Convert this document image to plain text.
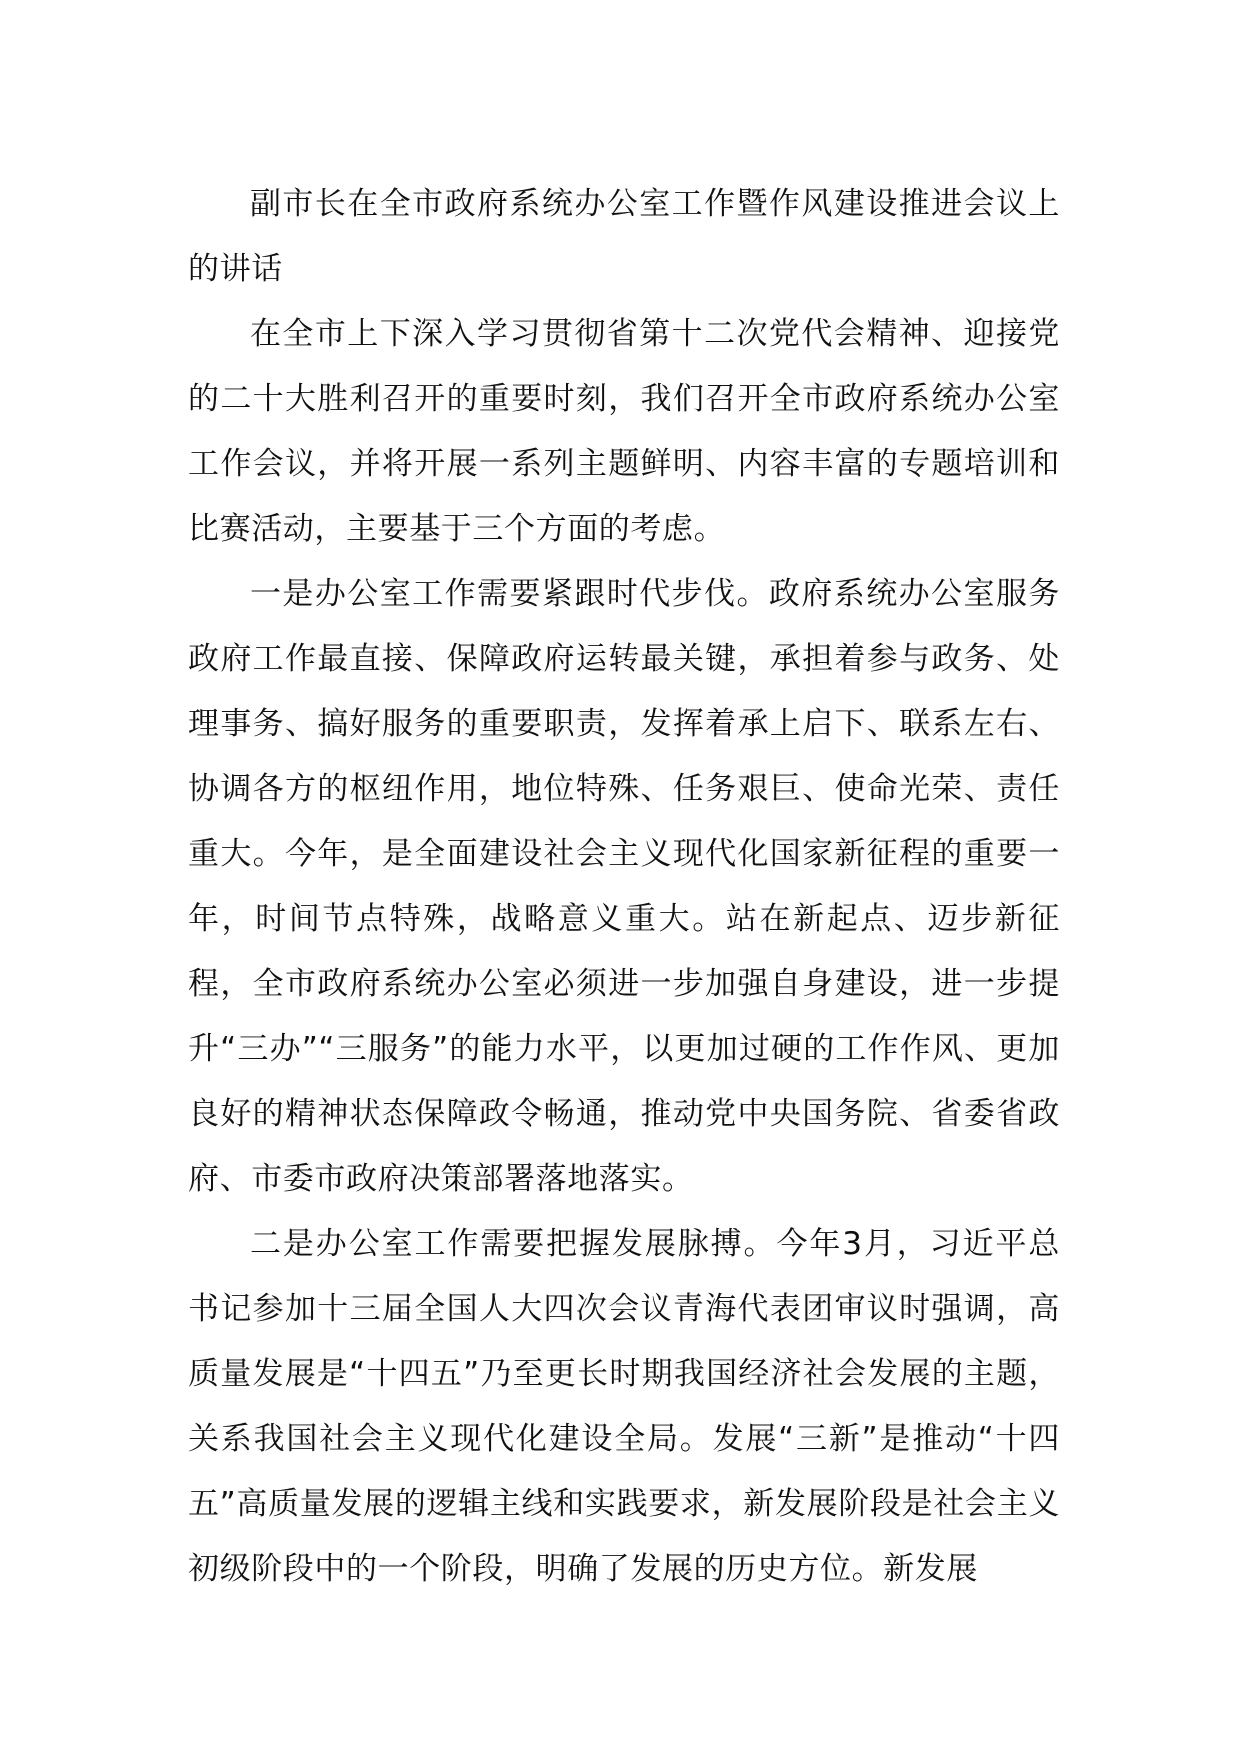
副市长在全市政府系统办公室工作暨作风建设推进会议上的讲话

在全市上下深入学习贯彻省第十二次党代会精神、迎接党的二十大胜利召开的重要时刻，我们召开全市政府系统办公室工作会议，并将开展一系列主题鲜明、内容丰富的专题培训和比赛活动，主要基于三个方面的考虑。

一是办公室工作需要紧跟时代步伐。政府系统办公室服务政府工作最直接、保障政府运转最关键，承担着参与政务、处理事务、搞好服务的重要职责，发挥着承上启下、联系左右、协调各方的枢纽作用，地位特殊、任务艰巨、使命光荣、责任重大。今年，是全面建设社会主义现代化国家新征程的重要一年，时间节点特殊，战略意义重大。站在新起点、迈步新征程，全市政府系统办公室必须进一步加强自身建设，进一步提升“三办”“三服务”的能力水平，以更加过硬的工作作风、更加良好的精神状态保障政令畅通，推动党中央国务院、省委省政府、市委市政府决策部署落地落实。

二是办公室工作需要把握发展脉搏。今年3月，习近平总书记参加十三届全国人大四次会议青海代表团审议时强调，高质量发展是“十四五”乃至更长时期我国经济社会发展的主题，关系我国社会主义现代化建设全局。发展“三新”是推动“十四五”高质量发展的逻辑主线和实践要求，新发展阶段是社会主义初级阶段中的一个阶段，明确了发展的历史方位。新发展
